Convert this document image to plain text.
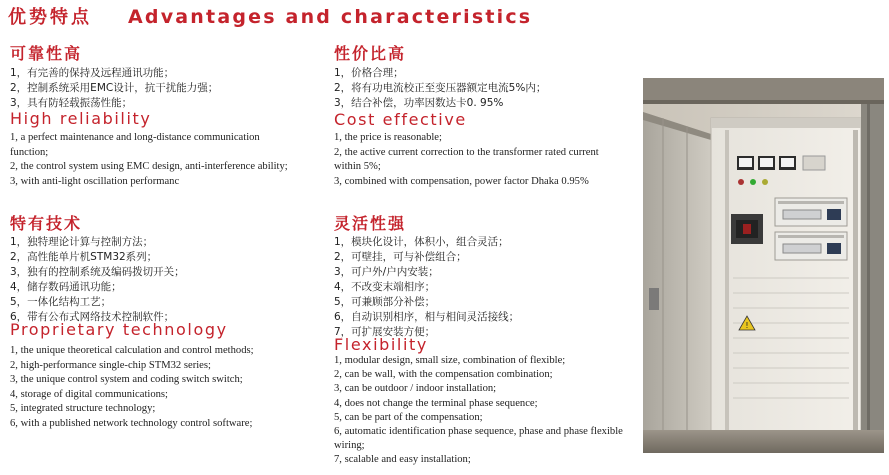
优势特点 Advantages and characteristics
可靠性高
1，有完善的保持及远程通讯功能；
2，控制系统采用EMC设计，抗干扰能力强；
3，具有防轻载振荡性能；
High reliability
1, a perfect maintenance and long-distance communication function;
2, the control system using EMC design, anti-interference ability;
3, with anti-light oscillation performanc
特有技术
1，独特理论计算与控制方法；
2，高性能单片机STM32系列；
3，独有的控制系统及编码拨切开关；
4，储存数码通讯功能；
5，一体化结构工艺；
6，带有公布式网络技术控制软件；
Proprietary technology
1, the unique theoretical calculation and control methods;
2, high-performance single-chip STM32 series;
3, the unique control system and coding switch switch;
4, storage of digital communications;
5, integrated structure technology;
6, with a published network technology control software;
性价比高
1，价格合理；
2，将有功电流校正至变压器额定电流5%内；
3，结合补偿，功率因数达卡0. 95%
Cost effective
1, the price is reasonable;
2, the active current correction to the transformer rated current within 5%;
3, combined with compensation, power factor Dhaka 0.95%
灵活性强
1，模块化设计，体积小，组合灵活；
2，可壁挂，可与补偿组合；
3，可户外/户内安装；
4，不改变末端相序；
5，可兼顾部分补偿；
6，自动识别相序，相与相间灵活接线；
7，可扩展安装方便；
Flexibility
1, modular design, small size, combination of flexible;
2, can be wall, with the compensation combination;
3, can be outdoor / indoor installation;
4, does not change the terminal phase sequence;
5, can be part of the compensation;
6, automatic identification phase sequence, phase and phase flexible wiring;
7, scalable and easy installation;
!
